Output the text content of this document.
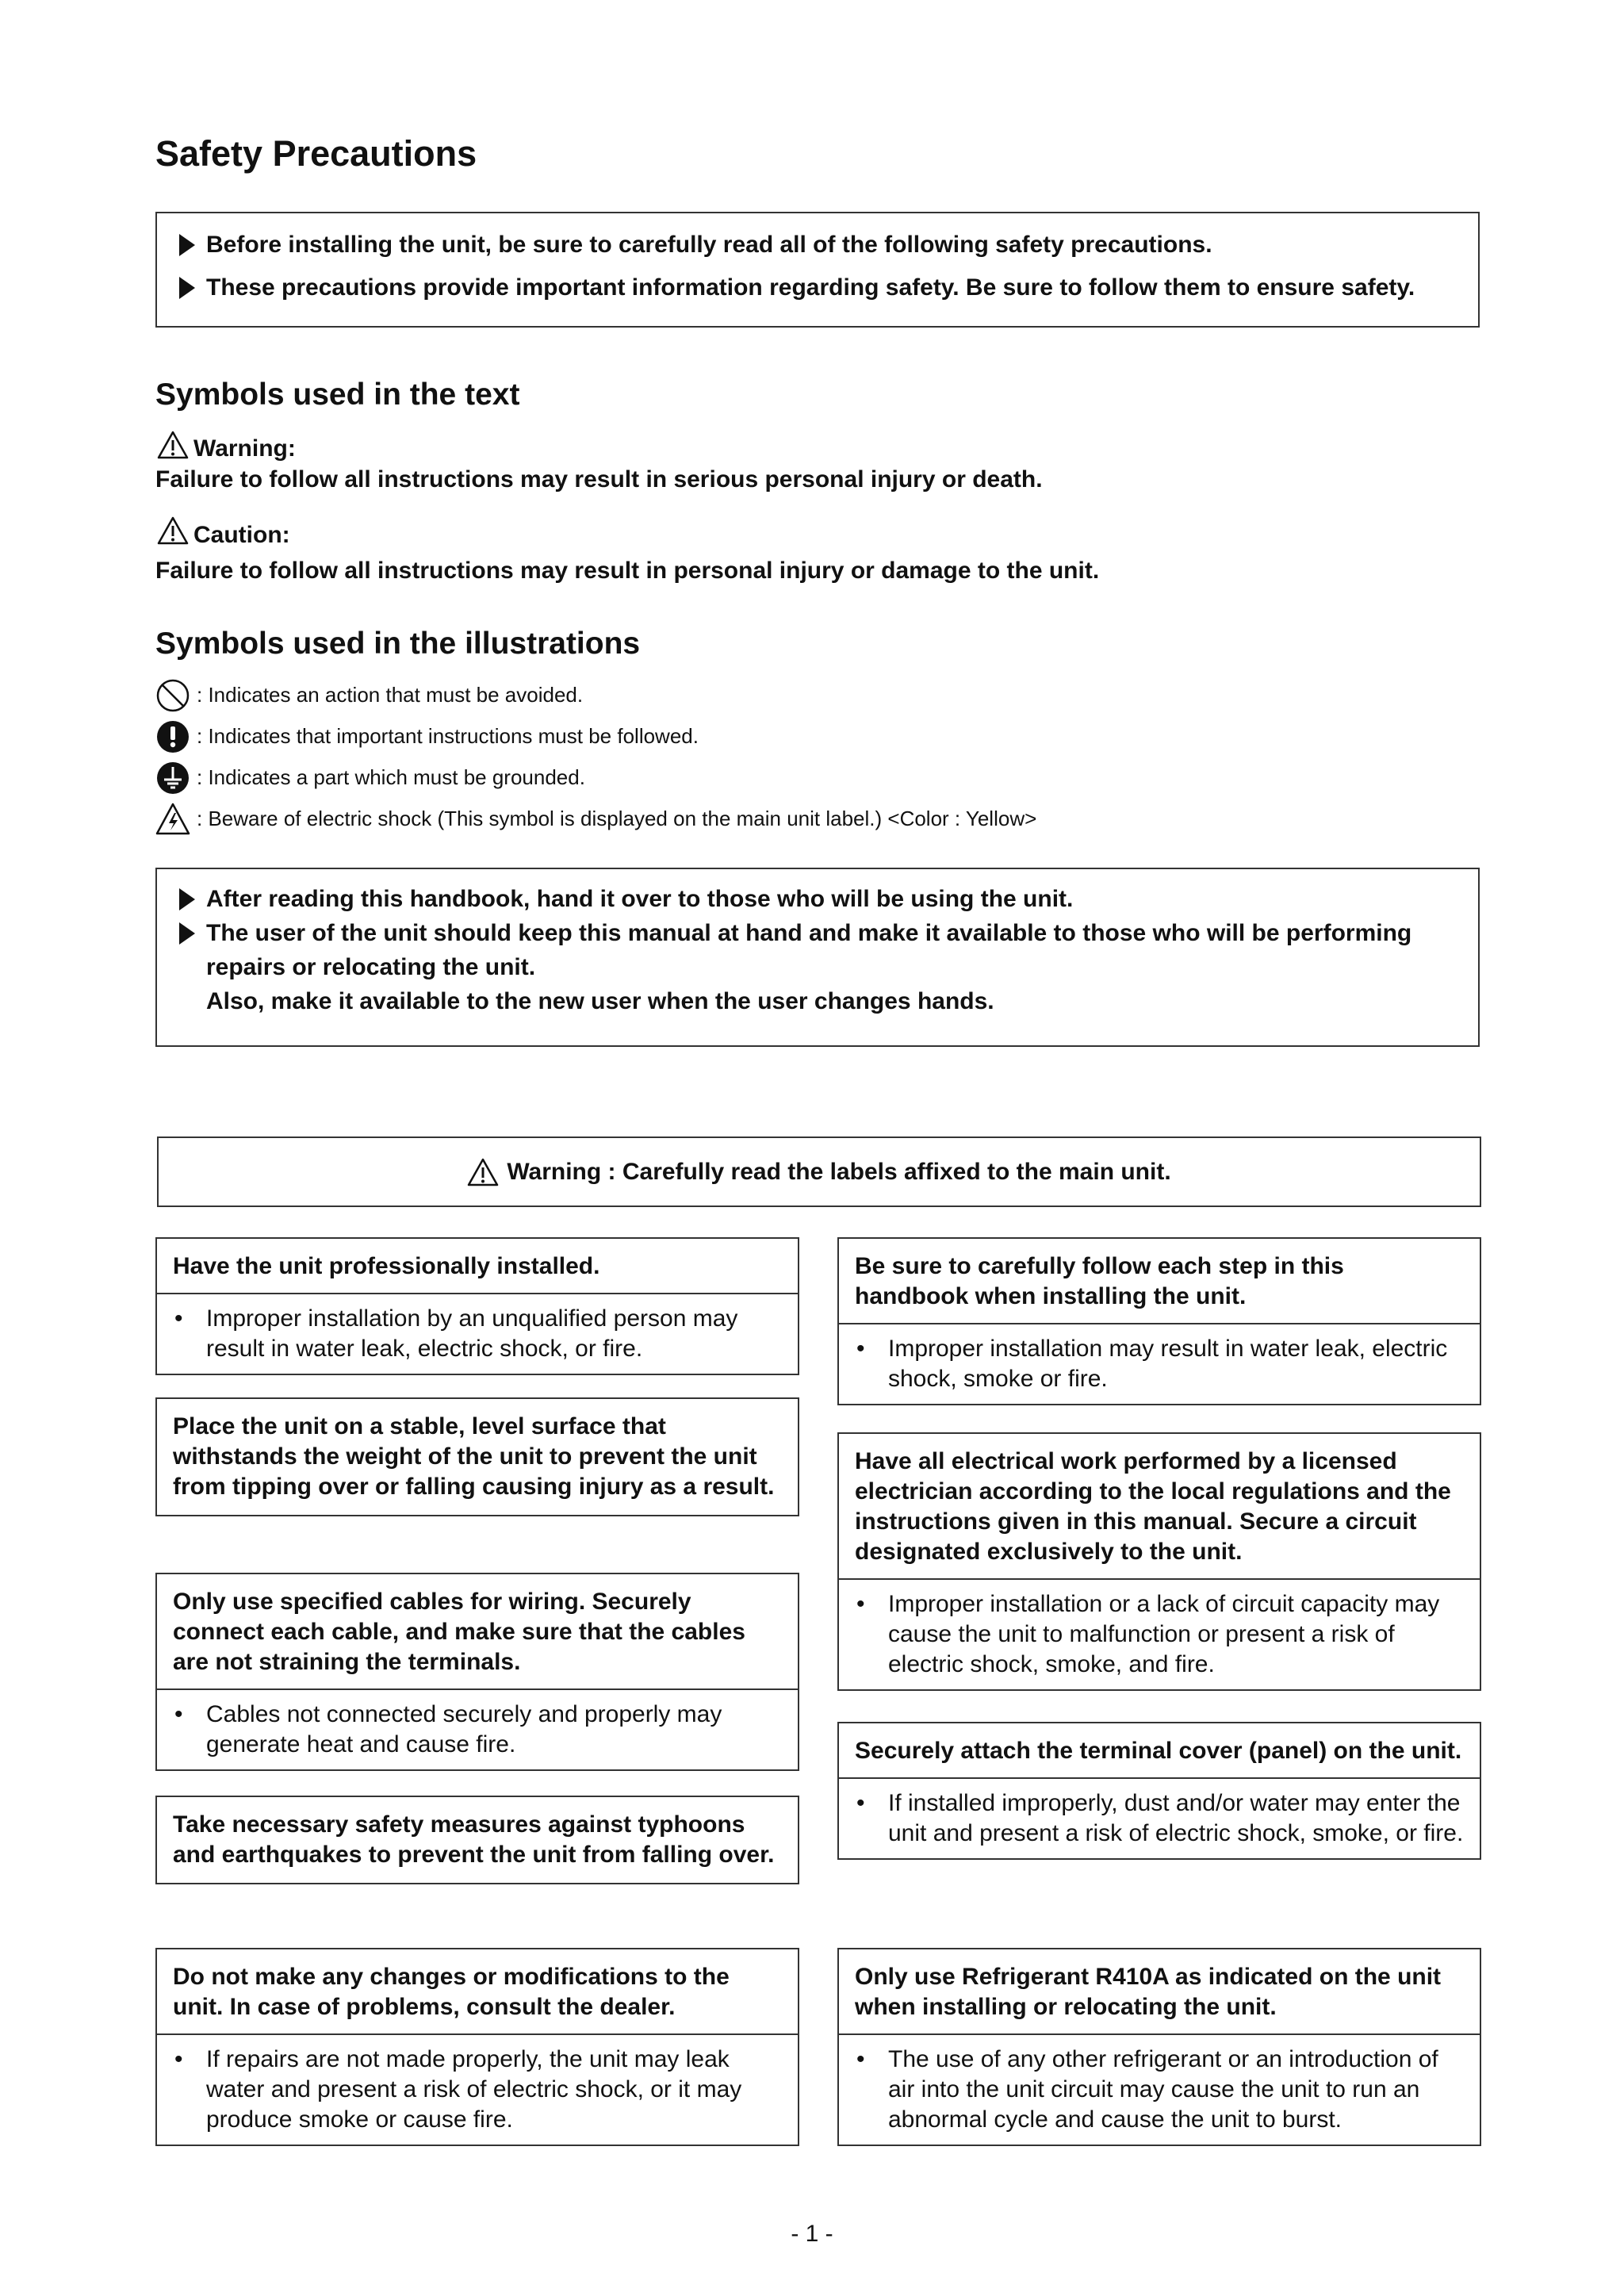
Safety Precautions
Before installing the unit, be sure to carefully read all of the following safety precautions.
These precautions provide important information regarding safety. Be sure to follow them to ensure safety.
Symbols used in the text
Warning:
Failure to follow all instructions may result in serious personal injury or death.
Caution:
Failure to follow all instructions may result in personal injury or damage to the unit.
Symbols used in the illustrations
: Indicates an action that must be avoided.
: Indicates that important instructions must be followed.
: Indicates a part which must be grounded.
: Beware of electric shock (This symbol is displayed on the main unit label.) <Color : Yellow>
After reading this handbook, hand it over to those who will be using the unit.
The user of the unit should keep this manual at hand and make it available to those who will be performing
repairs or relocating the unit.
Also, make it available to the new user when the user changes hands.
Warning : Carefully read the labels affixed to the main unit.
Have the unit professionally installed.
• Improper installation by an unqualified person may result in water leak, electric shock, or fire.
Place the unit on a stable, level surface that withstands the weight of the unit to prevent the unit from tipping over or falling causing injury as a result.
Only use specified cables for wiring. Securely connect each cable, and make sure that the cables are not straining the terminals.
• Cables not connected securely and properly may generate heat and cause fire.
Take necessary safety measures against typhoons and earthquakes to prevent the unit from falling over.
Do not make any changes or modifications to the unit. In case of problems, consult the dealer.
• If repairs are not made properly, the unit may leak water and present a risk of electric shock, or it may produce smoke or cause fire.
Be sure to carefully follow each step in this handbook when installing the unit.
• Improper installation may result in water leak, electric shock, smoke or fire.
Have all electrical work performed by a licensed electrician according to the local regulations and the instructions given in this manual. Secure a circuit designated exclusively to the unit.
• Improper installation or a lack of circuit capacity may cause the unit to malfunction or present a risk of electric shock, smoke, and fire.
Securely attach the terminal cover (panel) on the unit.
• If installed improperly, dust and/or water may enter the unit and present a risk of electric shock, smoke, or fire.
Only use Refrigerant R410A as indicated on the unit when installing or relocating the unit.
• The use of any other refrigerant or an introduction of air into the unit circuit may cause the unit to run an abnormal cycle and cause the unit to burst.
- 1 -
